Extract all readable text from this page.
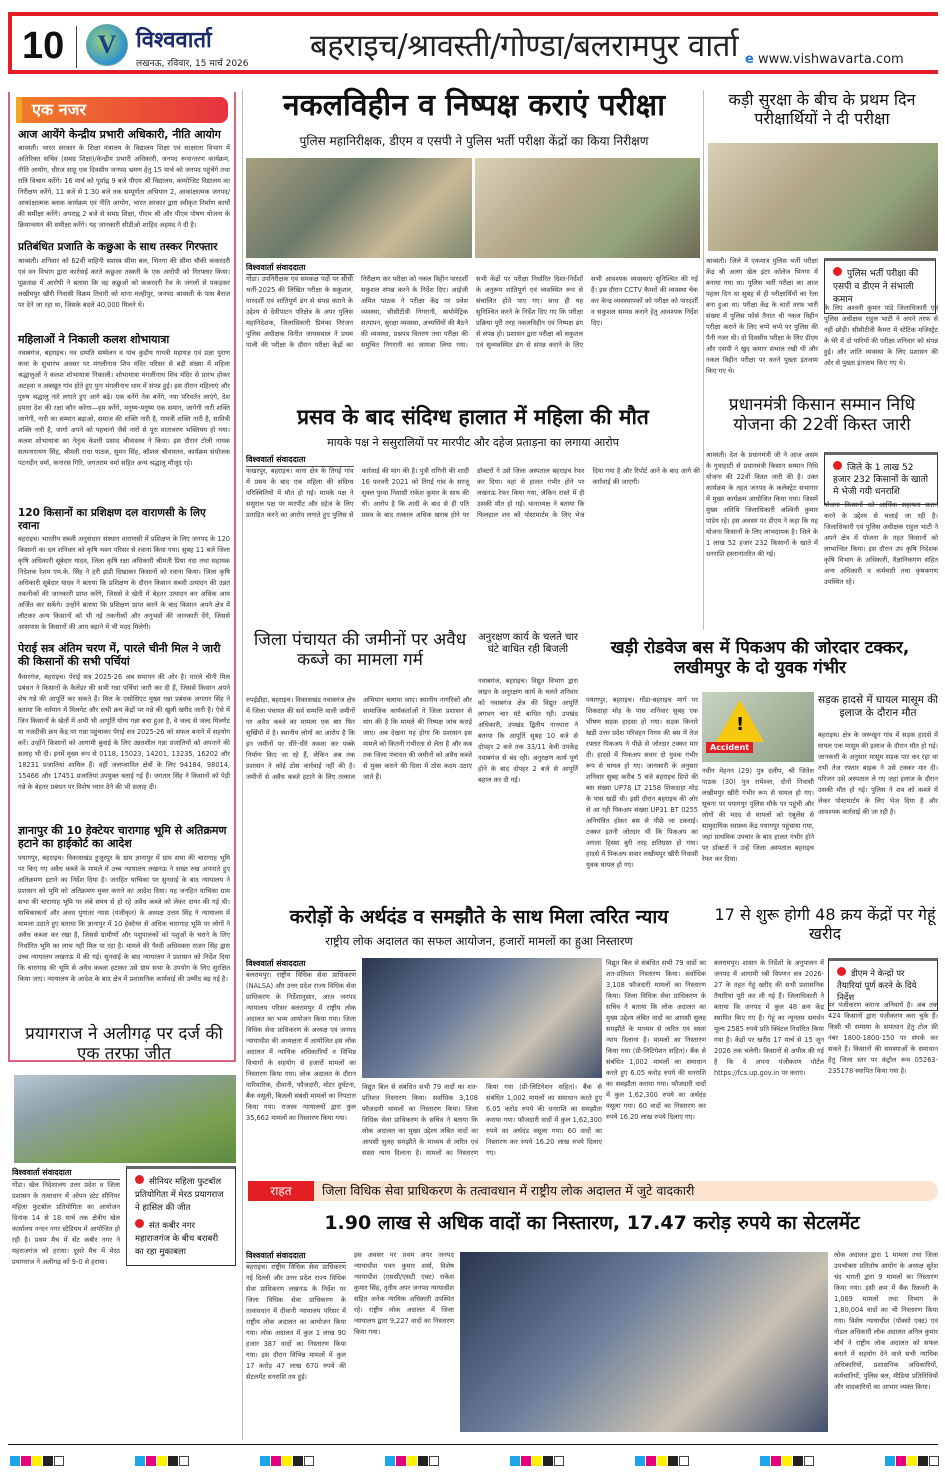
10	V विश्ववार्ता
लखनऊ, रविवार, 15 मार्च 2026 बहराइच/श्रावस्ती/गोण्डा/बलरामपुर वार्ता e www.vishwavarta.com
एक नजर
आज आयेंगे केन्द्रीय प्रभारी अधिकारी, नीति आयोग
श्रावस्ती। भारत सरकार के शिक्षा मंत्रालय के विद्यालय शिक्षा एवं साक्षरता विभाग में अतिरिक्त सचिव (समग्र शिक्षा)/केन्द्रीय प्रभारी अधिकारी, जनपद रूपान्तरण कार्यक्रम, नीति आयोग, धीरज साहू एक दिवसीय जनपद भ्रमण हेतु 15 मार्च को जनपद पहुंचेंगे तथा रात्रि विश्राम करेंगे। 16 मार्च को पूर्वाह्न 9 बजे पीएम श्री विद्यालय, कम्पोजिट विद्यालय का निरीक्षण करेंगे, 11 बजे से 1.30 बजे तक सम्पूर्णता अभियान 2, आकांक्षात्मक जनपद/आकांक्षात्मक ब्लाक कार्यक्रम एवं नीति आयोग, भारत सरकार द्वारा स्वीकृत निर्माण कार्यों की समीक्षा करेंगे। अपराह्न 2 बजे से समग्र शिक्षा, पीएम श्री और पीएम पोषण योजना के क्रियान्वयन की समीक्षा करेंगे। यह जानकारी सीडीओ शाहिद अहमद ने दी है।
प्रतिबंधित प्रजाति के कछुआ के साथ तस्कर गिरफ्तार
श्रावस्ती। शनिवार को 62वीं वाहिनी सशस्त्र सीमा बल, भिनगा की सीमा चौकी ककरदरी एवं वन विभाग द्वारा कार्रवाई करते कछुआ तस्करी के एक आरोपी को गिरफ्तार किया। पूछताछ में आरोपी ने बताया कि वह कछुओं को ककरदरी रेंज के जंगलों से पकड़कर लखीमपुर खीरी निवासी विक्रम तिवारी को थाना मल्हीपुर, जनपद श्रावस्ती के पास बैराज पर देने जा रहा था, जिसके बदले 40,000 मिलने थे।
महिलाओं ने निकाली कलश शोभायात्रा
नवाबगंज, बहराइच। नव दम्पति सम्मेलन व पांच कुंडीय गायत्री महायज्ञ एवं प्रज्ञा पुराण कथा के शुभारंभ अवसर पर मंगलीनाथ शिव मंदिर परिसर से बड़ी संख्या में महिला श्रद्धालुओं ने कलश शोभायात्रा निकाली। शोभायात्रा मंगलीनाथ शिव मंदिर से प्रारंभ होकर अटहवा व अक्खूत गांव होते हुए पुनः मंगलीनाथ धाम में संपन्न हुई। इस दौरान महिलाएं और पुरुष श्रद्धालु नारे लगाते हुए आगे बढ़े। एक बनेंगे नेक बनेंगे, नया परिवर्तन लाएंगे, देश हमारा देश की रक्षा कौन करेगा—हम करेंगे, मनुष्य-मनुष्य एक समान, जागेगी नारी शक्ति जागेगी, नारी का सम्मान बढ़ाओ, समाज की शक्ति नारी है, गायत्री शक्ति नारी है, सावित्री शक्ति नारी है, जागो अपने को पहचानो जैसे नारों से पूरा वातावरण भक्तिमय हो गया। कलश शोभायात्रा का नेतृत्व केशरी प्रसाद श्रीवास्तव ने किया। इस दौरान टोली नायक सत्यनारायण सिंह, श्रीमती राधा पाठक, सुमन सिंह, कौशल श्रीवास्तव, कार्यक्रम संयोजक पटनदीन वर्मा, कनारस गिरि, जगतराम वर्मा सहित अन्य श्रद्धालु मौजूद रहे।
120 किसानों का प्रशिक्षण दल वाराणसी के लिए रवाना
बहराइच। भारतीय सब्जी अनुसंधान संस्थान वाराणसी में प्रशिक्षण के लिए जनपद के 120 किसानों का दल शनिवार को कृषि भवन परिसर से रवाना किया गया। सुबह 11 बजे जिला कृषि अधिकारी सूबेदार यादव, जिला कृषि रक्षा अधिकारी श्रीमती प्रिया नंदा तथा सहायक निदेशक रेशम एम.के. सिंह ने हरी झंडी दिखाकर किसानों को रवाना किया। जिला कृषि अधिकारी सूबेदार यादव ने बताया कि प्रशिक्षण के दौरान किसान सब्जी उत्पादन की उन्नत तकनीकों की जानकारी प्राप्त करेंगे, जिससे वे खेती में बेहतर उत्पादन कर अधिक आय अर्जित कर सकेंगे। उन्होंने बताया कि प्रशिक्षण प्राप्त करने के बाद किसान अपने क्षेत्र में लौटकर अन्य किसानों को भी नई तकनीकों और अनुभवों की जानकारी देंगे, जिससे आसपास के किसानों की आय बढ़ाने में भी मदद मिलेगी।
पेराई सत्र अंतिम चरण में, पारले चीनी मिल ने जारी की किसानों की सभी पर्चियां
कैसरगंज, बहराइच। पेराई सत्र 2025-26 अब समापन की ओर है। पारले चीनी मिल प्रबंधन ने किसानों के कैलेंडर की सभी गन्ना पर्चियां जारी कर दी हैं, जिससे किसान अपने शेष गन्ने की आपूर्ति कर सकते हैं। मिल के एसोसिएट मुख्य गन्ना प्रबंधक जगतार सिंह ने बताया कि वर्तमान में मिलगेट और सभी क्रय केंद्रों पर गन्ने की खुली खरीद जारी है। ऐसे में जिन किसानों के खेतों में अभी भी आपूर्ति योग्य गन्ना बचा हुआ है, वे जल्द से जल्द मिलगेट या नजदीकी क्रय केंद्र पर गन्ना पहुंचाकर पेराई सत्र 2025-26 को सफल बनाने में सहयोग करें। उन्होंने किसानों को आगामी बुवाई के लिए उन्नतशील गन्ना प्रजातियों को अपनाने की सलाह भी दी। इनमें मुख्य रूप से 0118, 15023, 14201, 13235, 16202 और 18231 प्रजातियां शामिल हैं। वहीं जलप्लावित क्षेत्रों के लिए 94184, 98014, 15466 और 17451 प्रजातियां उपयुक्त बताई गई हैं। जगतार सिंह ने किसानों को पेड़ी गन्ने के बेहतर प्रबंधन पर विशेष ध्यान देने की भी सलाह दी।
ज्ञानापुर की 10 हेक्टेयर चारागाह भूमि से अतिक्रमण हटाने का हाईकोर्ट का आदेश
पयागपुर, बहराइच। विकासखंड हुजूरपुर के ग्राम ज्ञानापुर में ग्राम सभा की चारागाह भूमि पर किए गए अवैध कब्जे के मामले में उच्च न्यायालय लखनऊ ने सख्त रुख अपनाते हुए अतिक्रमण हटाने का निर्देश दिया है। जनहित याचिका पर सुनवाई के बाद न्यायालय ने प्रशासन को भूमि को अतिक्रमण मुक्त कराने का आदेश दिया। यह जनहित याचिका ग्राम सभा की चारागाह भूमि पर लंबे समय से हो रहे अवैध कब्जे को लेकर दायर की गई थी। याचिकाकर्ता और अवध युगांतर न्यास (पंजीकृत) के अध्यक्ष उत्तम सिंह ने न्यायालय में मामला उठाते हुए बताया कि ज्ञानापुर में 10 हेक्टेयर से अधिक चारागाह भूमि पर लोगों ने अवैध कब्जा कर रखा है, जिससे ग्रामीणों और पशुपालकों को पशुओं के चराने के लिए निर्धारित भूमि का लाभ नहीं मिल पा रहा है। मामले की पैरवी अधिवक्ता राजन सिंह द्वारा उच्च न्यायालय लखनऊ में की गई। सुनवाई के बाद न्यायालय ने प्रशासन को निर्देश दिया कि चारागाह की भूमि से अवैध कब्जा हटाकर उसे ग्राम सभा के उपयोग के लिए सुरक्षित किया जाए। न्यायालय के आदेश के बाद क्षेत्र में प्रशासनिक कार्यवाई की उम्मीद बढ़ गई है।
प्रयागराज ने अलीगढ़ पर दर्ज की एक तरफा जीत
विश्ववार्ता संवाददाता
गोंडा। खेल निदेशालय उत्तर प्रदेश व जिला प्रशासन के तत्वाधान में ओपन स्टेट सीनियर महिला फुटबॉल प्रतियोगिता का आयोजन दिनांक 14 से 18 मार्च तक क्षेत्रीय खेल कार्यालय नन्दन नगर स्टेडियम में आयोजित हो रही है। प्रथम मैच में सेंट कबीर नगर ने महराजगंज को हराया। दूसरे मैच में मेरठ प्रयागराज ने अलीगढ़ को 9-0 से हराया।
सीनियर महिला फुटबॉल प्रतियोगिता में मेरठ प्रयागराज ने हासिल की जीत
संत कबीर नगर महाराजगंज के बीच बराबरी का रहा मुकाबला
नकलविहीन व निष्पक्ष कराएं परीक्षा
पुलिस महानिरीक्षक, डीएम व एसपी ने पुलिस भर्ती परीक्षा केंद्रों का किया निरीक्षण
विश्ववार्ता संवाददाता
गोंडा। उपनिरीक्षक एवं समकक्ष पदों पर सीधी भर्ती-2025 की लिखित परीक्षा के सकुशल, पारदर्शी एवं शांतिपूर्ण ढंग से संपन्न कराने के उद्देश्य से देवीपाटन परिक्षेत्र के अपर पुलिस महानिदेशक, जिलाधिकारी प्रियंका निरंजन पुलिस अधीक्षक विनीत जायसवाल ने प्रथम पाली की परीक्षा के दौरान परीक्षा केंद्रों का निरीक्षण कर परीक्षा को नकल विहीन पारदर्शी सकुशल संपन्न करने के निर्देश दिए। आईजी अमित पाठक ने परीक्षा केंद्र पर प्रवेश व्यवस्था, सीसीटीवी निगरानी, बायोमेट्रिक सत्यापन, सुरक्षा व्यवस्था, अभ्यर्थियों की बैठने की व्यवस्था, प्रश्नपत्र वितरण तथा परीक्षा की समुचित निगरानी का जायजा लिया गया। सभी केंद्रों पर परीक्षा निर्धारित दिशा-निर्देशों के अनुरूप शांतिपूर्ण एवं व्यवस्थित रूप से संचालित होते पाए गए। साथ ही यह सुनिश्चित करने के निर्देश दिए गए कि परीक्षा प्रक्रिया पूरी तरह नकलविहीन एवं निष्पक्ष ढंग से संपन्न हो। प्रशासन द्वारा परीक्षा को सकुशल एवं सुव्यवस्थित ढंग से संपन्न कराने के लिए सभी आवश्यक व्यवस्थाएं सुनिश्चित की गई हैं। इस दौरान CCTV कैमरों की व्यवस्था चेक कर केन्द्र व्यवस्थापकों को परीक्षा को पारदर्शी व सकुशल सम्पन्न कराने हेतु आवश्यक निर्देश दिए।
कड़ी सुरक्षा के बीच के प्रथम दिन परीक्षार्थियों ने दी परीक्षा
श्रावस्ती। जिले में एकमात्र पुलिस भर्ती परीक्षा केंद्र श्री अलग खेल इंटर कॉलेज भिनगा में बनाया गया था। पुलिस भर्ती परीक्षा का आज पहला दिन था सुबह से ही परीक्षार्थियों का रेला बना हुआ था। परीक्षा केंद्र के चारों तरफ भारी संख्या में पुलिस फोर्स तैनात थी नकल विहीन परीक्षा कराने के लिए चप्पे चप्पे पर पुलिस की पैनी नजर थी। दो दिवसीय परीक्षा के लिए डीएम और एसपी ने खुद कमान संभाल रखी थी और नकल विहीन परीक्षा पर करने पुख्ता इंतजाम किए गए थे।
पुलिस भर्ती परीक्षा की एसपी व डीएम ने संभाली कमान
के लिए अश्वनी कुमार पांडे जिलाधिकारी एवं पुलिस अधीक्षक राहुल भाटी ने अपने तरफ से नहीं छोड़ी। सीसीटीवी कैमरा में स्टेटिक मजिस्ट्रेट के घेरे में दो पारियों की परीक्षा शनिवार को संपन्न हुई। और शांति व्यवस्था के लिए प्रशासन की ओर से पुख्ता इंतजाम किए गए थे।
प्रधानमंत्री किसान सम्मान निधि योजना की 22वीं किस्त जारी
श्रावस्ती। देश के प्रधानमंत्री जी ने आज असम के गुवाहाटी से प्रधानमंत्री किसान सम्मान निधि योजना की 22वीं किस्त जारी की है। उक्त कार्यक्रम के तहत जनपद के कलेक्ट्रेट सभागार में मुख्य कार्यक्रम आयोजित किया गया। जिसमें मुख्य अतिथि जिलाधिकारी अश्विनी कुमार पांडेय रहे। इस अवसर पर डीएम ने कहा कि यह योजना किसानों के लिए लाभदायक है। जिले के 1 लाख 52 हजार 232 किसानों के खाते में धनराशि हस्तानांतरित की गई।
जिले के 1 लाख 52 हजार 232 किसानों के खातो मे भेजी गयी धनराशि
योजना किसानों को आर्थिक सहायता प्रदान करने के उद्देश्य से चलाई जा रही है। जिलाधिकारी एवं पुलिस अधीक्षक राहुल भाटी ने अपने क्षेत्र में योजना के तहत किसानों को लाभान्वित किया। इस दौरान उप कृषि निदेशक कृषि विभाग के अधिकारी, वैज्ञानिकगण सहित अन्य अधिकारी व कर्मचारी तथा कृषकगण उपस्थित रहे।
प्रसव के बाद संदिग्ध हालात में महिला की मौत
मायके पक्ष ने ससुरालियों पर मारपीट और दहेज प्रताड़ना का लगाया आरोप
विश्ववार्ता संवाददाता
फखरपुर, बहराइच। थाना क्षेत्र के तिगई गांव में प्रसव के बाद एक महिला की संदिग्ध परिस्थितियों में मौत हो गई। मायके पक्ष ने ससुराल पक्ष पर मारपीट और दहेज के लिए प्रताड़ित करने का आरोप लगाते हुए पुलिस से कार्रवाई की मांग की है। पुत्री रागिनी की शादी 16 फरवरी 2021 को तिगई गांव के सरजू शुक्ल पुरवा निवासी राकेश कुमार के साथ की थी। आरोप है कि शादी के बाद से ही पति प्रसव के बाद तत्काल अधिक खराब होने पर डॉक्टरों ने उसे जिला अस्पताल बहराइच रेफर कर दिया। वहां से हालत गंभीर होने पर लखनऊ रेफर किया गया, लेकिन रास्ते में ही उसकी मौत हो गई। थानाध्यक्ष ने बताया कि फिलहाल शव को पोस्टमार्टम के लिए भेज दिया गया है और रिपोर्ट आने के बाद आगे की कार्रवाई की जाएगी।
जिला पंचायत की जमीनों पर अवैध कब्जे का मामला गर्म
रुपईडीहा, बहराइच। विकासखंड नवाबगंज क्षेत्र में जिला पंचायत की सर्व सम्पत्ति वाली जमीनों पर अवैध कब्जे का मामला एक बार फिर सुर्खियों में है। स्थानीय लोगों का आरोप है कि इन जमीनों पर धीरे-धीरे कब्जा कर पक्के निर्माण किए जा रहे हैं, लेकिन अब तक प्रशासन ने कोई ठोस कार्रवाई नहीं की है। जमीनों से अवैध कब्जे हटाने के लिए तत्काल अभियान चलाया जाए। स्थानीय नागरिकों और सामाजिक कार्यकर्ताओं ने जिला प्रशासन से मांग की है कि मामले की निष्पक्ष जांच कराई जाए। अब देखना यह होगा कि प्रशासन इस मामले को कितनी गंभीरता से लेता है और कब तक जिला पंचायत की जमीनों को अवैध कब्जे से मुक्त कराने की दिशा में ठोस कदम उठाए जाते हैं।
अनुरक्षण कार्य के चलते चार घंटे बाधित रही बिजली
नवाबगंज, बहराइच। विद्युत विभाग द्वारा लाइन के अनुरक्षण कार्य के चलते शनिवार को नवाबगंज क्षेत्र की विद्युत आपूर्ति लगभग चार घंटे बाधित रही। उपखंड अधिकारी, उपखंड द्वितीय नानपारा ने बताया कि आपूर्ति सुबह 10 बजे से दोपहर 2 बजे तक 33/11 केवी उपकेंद्र नवाबगंज से बंद रही। अनुरक्षण कार्य पूर्ण होने के बाद दोपहर 2 बजे से आपूर्ति बहाल कर दी गई।
खड़ी रोडवेज बस में पिकअप की जोरदार टक्कर, लखीमपुर के दो युवक गंभीर
पयागपुर, बहराइच। गोंडा-बहराइच मार्ग पर शिकदाहा मोड़ के पास शनिवार सुबह एक भीषण सड़क हादसा हो गया। सड़क किनारे खड़ी उत्तर प्रदेश परिवहन निगम की बस में तेज रफ्तार पिकअप ने पीछे से जोरदार टक्कर मार दी। हादसे में पिकअप सवार दो युवक गंभीर रूप से घायल हो गए। जानकारी के अनुसार शनिवार सुबह करीब 5 बजे बहराइच डिपो की बस संख्या UP78 LT 2158 शिकदाहा मोड़ के पास खड़ी थी। इसी दौरान बहराइच की ओर से आ रही पिकअप संख्या UP31 BT 0255 अनियंत्रित होकर बस से पीछे जा टकराई। टक्कर इतनी जोरदार थी कि पिकअप का अगला हिस्सा बुरी तरह क्षतिग्रस्त हो गया। हादसे में पिकअप सवार लखीमपुर खीरी निवासी युवक घायल हो गए।
!
Accident
नवीन मेहनन (29) पुत्र दलीप, श्री जितेश पाठक (30) पुत्र रामेश्वर, दोनों निवासी लखीमपुर खीरी गंभीर रूप से घायल हो गए। सूचना पर पयागपुर पुलिस मौके पर पहुंची और लोगों की मदद से घायलों को एंबुलेंस से सामुदायिक स्वास्थ्य केंद्र पयागपुर पहुंचाया गया, जहां प्राथमिक उपचार के बाद हालत गंभीर होने पर डॉक्टरों ने उन्हें जिला अस्पताल बहराइच रेफर कर दिया।
सड़क हादसे में घायल मासूम की इलाज के दौरान मौत
बहराइच। क्षेत्र के जरूखुन गांव में सड़क हादसे में घायल एक मासूम की इलाज के दौरान मौत हो गई। जानकारी के अनुसार मासूम सड़क पार कर रहा था तभी तेज रफ्तार बाइक ने उसे टक्कर मार दी। परिजन उसे अस्पताल ले गए जहां इलाज के दौरान उसकी मौत हो गई। पुलिस ने शव को कब्जे में लेकर पोस्टमार्टम के लिए भेज दिया है और आवश्यक कार्रवाई की जा रही है।
करोड़ों के अर्थदंड व समझौते के साथ मिला त्वरित न्याय
राष्ट्रीय लोक अदालत का सफल आयोजन, हजारों मामलों का हुआ निस्तारण
विश्ववार्ता संवाददाता
बलरामपुर। राष्ट्रीय विधिक सेवा प्राधिकरण (NALSA) और उत्तर प्रदेश राज्य विधिक सेवा प्राधिकरण के निर्देशानुसार, आज जनपद न्यायालय परिसर बलरामपुर में राष्ट्रीय लोक अदालत का भव्य आयोजन किया गया। जिला विधिक सेवा प्राधिकरण के अध्यक्ष एवं जनपद न्यायाधीश की अध्यक्षता में आयोजित इस लोक अदालत में न्यायिक अधिकारियों व विभिन्न विभागों के सहयोग से हजारों मामलों का निस्तारण किया गया। लोक अदालत के दौरान पारिवारिक, दीवानी, फौजदारी, मोटर दुर्घटना, बैंक वसूली, बिजली संबंधी मामलों का निपटारा किया गया। राजस्व न्यायालयों द्वारा कुल 35,662 मामलों का निस्तारण किया गया।
विद्युत बिल से संबंधित सभी 79 वादों का शत-प्रतिशत निस्तारण किया। सर्वाधिक 3,108 फौजदारी मामलों का निस्तारण किया। जिला विधिक सेवा प्राधिकरण के सचिव ने बताया कि लोक अदालत का मुख्य उद्देश्य लंबित वादों का आपसी सुलह समझौते के माध्यम से त्वरित एवं सस्ता न्याय दिलाना है। मामलों का निस्तारण किया गया (प्री-लिटिगेशन सहित)। बैंक से संबंधित 1,002 मामलों का समाधान करते हुए 6.05 करोड़ रुपये की धनराशि का समझौता कराया गया। फौजदारी वादों में कुल 1,62,300 रुपये का अर्थदंड वसूला गया। 60 वादों का निस्तारण कर रुपये 16.20 लाख रुपये दिलाए गए।
विद्युत बिल से संबंधित सभी 79 वादों का शत-प्रतिशत निस्तारण किया। सर्वाधिक 3,108 फौजदारी मामलों का निस्तारण किया। जिला विधिक सेवा प्राधिकरण के सचिव ने बताया कि लोक अदालत का मुख्य उद्देश्य लंबित वादों का आपसी सुलह समझौते के माध्यम से त्वरित एवं सस्ता न्याय दिलाना है। मामलों का निस्तारण किया गया (प्री-लिटिगेशन सहित)। बैंक से संबंधित 1,002 मामलों का समाधान करते हुए 6.05 करोड़ रुपये की धनराशि का समझौता कराया गया। फौजदारी वादों में कुल 1,62,300 रुपये का अर्थदंड वसूला गया। 60 वादों का निस्तारण कर रुपये 16.20 लाख रुपये दिलाए गए।
17 से शुरू होगी 48 क्रय केंद्रों पर गेहूं खरीद
बलरामपुर। शासन के निर्देशों के अनुपालन में जनपद में आगामी रबी विपणन सत्र 2026-27 के तहत गेहूं खरीद की सभी प्रशासनिक तैयारियां पूरी कर ली गई हैं। जिलाधिकारी ने बताया कि जनपद में कुल 48 क्रय केंद्र स्थापित किए गए हैं। गेहूं का न्यूनतम समर्थन मूल्य 2585 रुपये प्रति क्विंटल निर्धारित किया गया है। केंद्रों पर खरीद 17 मार्च से 15 जून 2026 तक चलेगी। किसानों से अपील की गई है कि वे अपना पंजीकरण पोर्टल https://fcs.up.gov.in पर कराएं।
डीएम ने केन्द्रों पर तैयारियां पूर्ण करने के दिये निर्देश
पर पंजीकरण कराना अनिवार्य है। अब तक 424 किसानों द्वारा पंजीकरण करा चुके हैं। किसी भी समस्या के समाधान हेतु टोल फ्री नंबर 1800-1800-150 पर संपर्क कर सकते हैं। किसानों की समस्याओं के समाधान हेतु जिला स्तर पर कंट्रोल रूम 05263-235178 स्थापित किया गया है।
राहत	जिला विधिक सेवा प्राधिकरण के तत्वावधान में राष्ट्रीय लोक अदालत में जुटे वादकारी
1.90 लाख से अधिक वादों का निस्तारण, 17.47 करोड़ रुपये का सेटलमेंट
विश्ववार्ता संवाददाता
बहराइच। राष्ट्रीय विधिक सेवा प्राधिकरण नई दिल्ली और उत्तर प्रदेश राज्य विधिक सेवा प्राधिकरण लखनऊ के निर्देश पर जिला विधिक सेवा प्राधिकरण के तत्वावधान में दीवानी न्यायालय परिसर में राष्ट्रीय लोक अदालत का आयोजन किया गया। लोक अदालत में कुल 1 लाख 90 हजार 387 वादों का निस्तारण किया गया। इस दौरान विभिन्न मामलों में कुल 17 करोड़ 47 लाख 670 रुपये की सेटलमेंट धनराशि तय हुई।
इस अवसर पर प्रथम अपर जनपद न्यायाधीश पवन कुमार शर्मा, विशेष न्यायाधीश (एससी/एसटी एक्ट) राकेश कुमार सिंह, तृतीय अपर जनपद न्यायाधीश सहित अनेक न्यायिक अधिकारी उपस्थित रहे। राष्ट्रीय लोक अदालत में जिला न्यायालय द्वारा 9,227 वादों का निस्तारण किया गया।
लोक अदालत द्वारा 1 मामला तथा जिला उपभोक्ता प्रतितोष आयोग के अध्यक्ष सुरेश चंद भारती द्वारा 9 मामलों का निस्तारण किया गया। इसी क्रम में बैंक रिकवरी के 1,069 मामलों तथा विभाग के 1,80,004 वादों का भी निस्तारण किया गया। विशेष न्यायाधीश (पॉक्सो एक्ट) एवं नोडल अधिकारी लोक अदालत अनिल कुमार मौर्य ने राष्ट्रीय लोक अदालत को सफल बनाने में सहयोग देने वाले सभी न्यायिक अधिकारियों, प्रशासनिक अधिकारियों, कर्मचारियों, पुलिस बल, मीडिया प्रतिनिधियों और वादकारियों का आभार व्यक्त किया।
